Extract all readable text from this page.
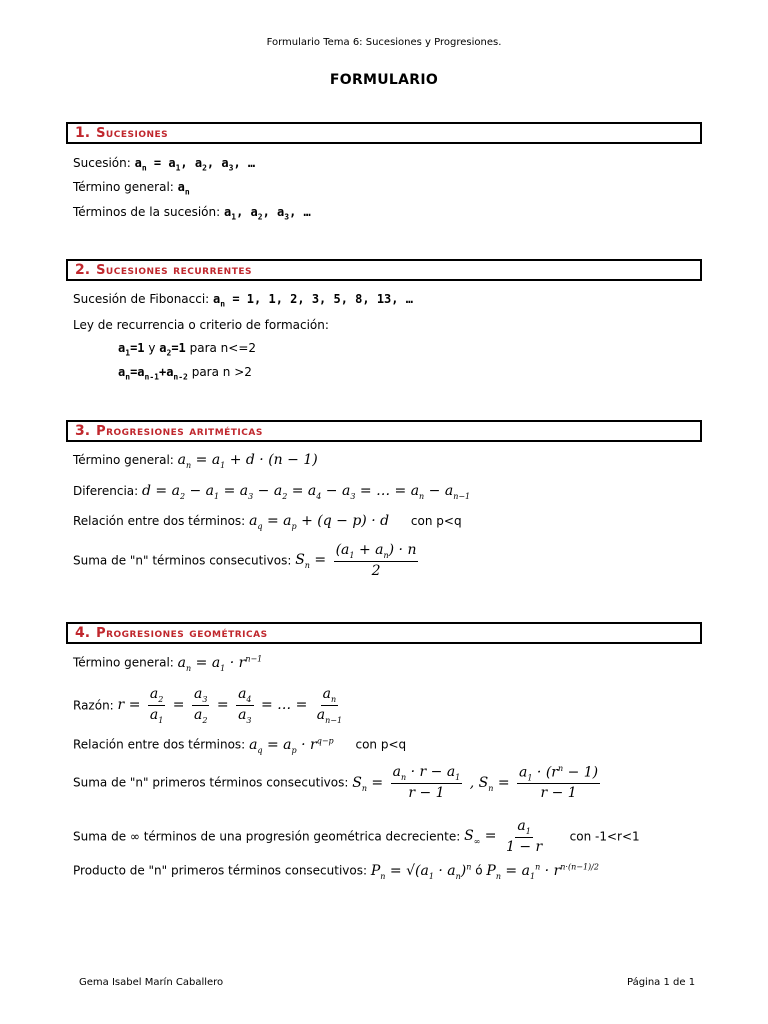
Formulario Tema 6: Sucesiones y Progresiones.
FORMULARIO
1. Sucesiones
Sucesión: $a_n = a_1$, $a_2$, $a_3$, …
Término general: $a_n$
Términos de la sucesión: $a_1$, $a_2$, $a_3$, …
2. Sucesiones recurrentes
Sucesión de Fibonacci: $a_n = 1$, 1, 2, 3, 5, 8, 13, …
Ley de recurrencia o criterio de formación:
$a_1=1$ y $a_2=1$ para n<=2
$a_n=a_{n-1}+a_{n-2}$ para n >2
3. Progresiones aritméticas
Término general: $a_n = a_1 + d \cdot (n - 1)$
Diferencia: $d = a_2 - a_1 = a_3 - a_2 = a_4 - a_3$ = … = $a_n - a_{n-1}$
Relación entre dos términos: $a_q = a_p + (q - p) \cdot d$ con p<q
Suma de "n" términos consecutivos: $S_n = \frac{(a_1 + a_n) \cdot n}{2}$
4. Progresiones geométricas
Término general: $a_n = a_1 \cdot r^{n-1}$
Razón: $r = \frac{a_2}{a_1} = \frac{a_3}{a_2} = \frac{a_4}{a_3}$ = … = $\frac{a_n}{a_{n-1}}$
Relación entre dos términos: $a_q = a_p \cdot r^{q-p}$ con p<q
Suma de "n" primeros términos consecutivos: $S_n = \frac{a_n \cdot r - a_1}{r - 1}$ , $S_n = \frac{a_1 \cdot (r^n - 1)}{r - 1}$
Suma de ∞ términos de una progresión geométrica decreciente: $S_\infty = \frac{a_1}{1 - r}$ con -1<r<1
Producto de "n" primeros términos consecutivos: $P_n = √(a_1 \cdot a_n)^n$ ó $P_n = a_1^n \cdot r^{n\cdot(n-1)/2}$
Gema Isabel Marín Caballero	Página 1 de 1
